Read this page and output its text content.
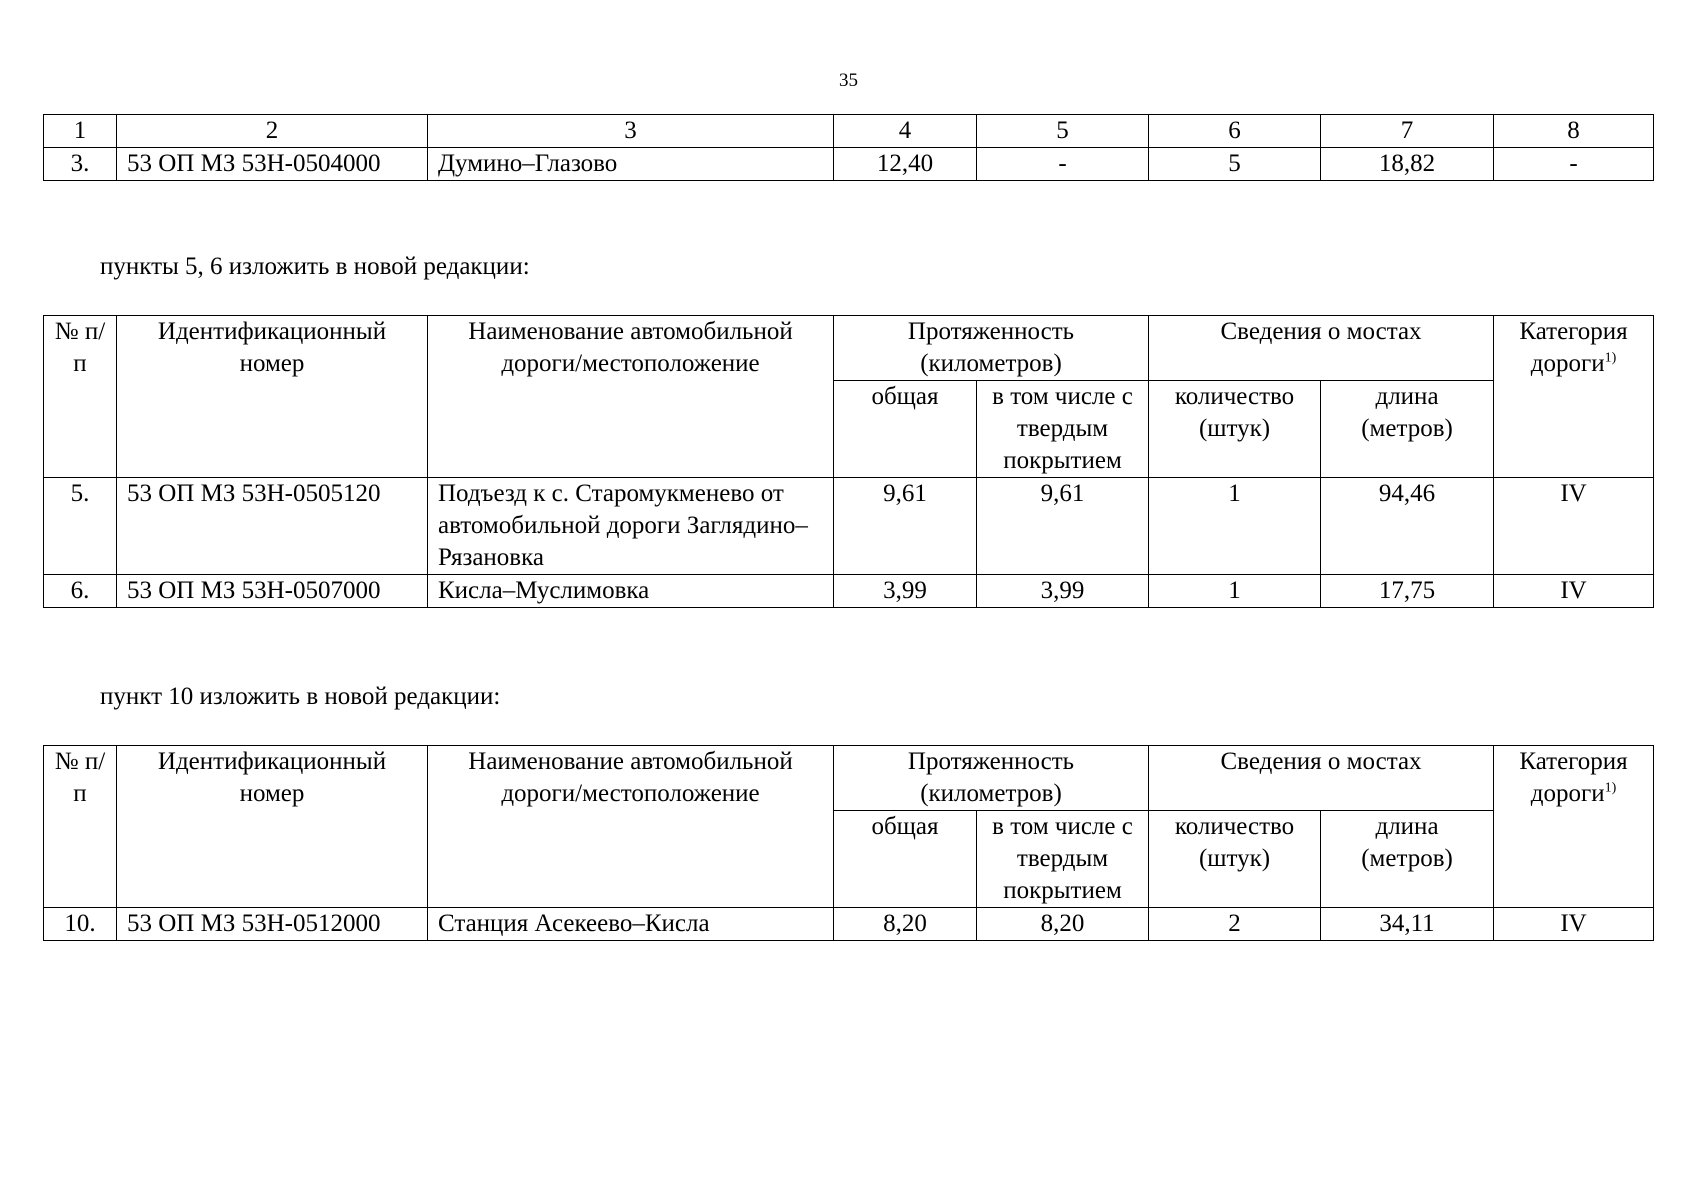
35
1	2	3	4	5	6	7	8
3.	53 ОП МЗ 53Н-0504000	Думино–Глазово	12,40	-	5	18,82	-
пункты 5, 6 изложить в новой редакции:
№ п/п	Идентификационный номер	Наименование автомобильной дороги/местоположение	Протяженность (километров)		Сведения о мостах		Категория дороги$^{1)}$
			общая	в том числе с твердым покрытием	количество (штук)	длина (метров)	
5.	53 ОП МЗ 53Н-0505120	Подъезд к с. Старомукменево от автомобильной дороги Заглядино–Рязановка	9,61	9,61	1	94,46	IV
6.	53 ОП МЗ 53Н-0507000	Кисла–Муслимовка	3,99	3,99	1	17,75	IV
пункт 10 изложить в новой редакции:
№ п/п	Идентификационный номер	Наименование автомобильной дороги/местоположение	Протяженность (километров)		Сведения о мостах		Категория дороги$^{1)}$
			общая	в том числе с твердым покрытием	количество (штук)	длина (метров)	
10.	53 ОП МЗ 53Н-0512000	Станция Асекеево–Кисла	8,20	8,20	2	34,11	IV
